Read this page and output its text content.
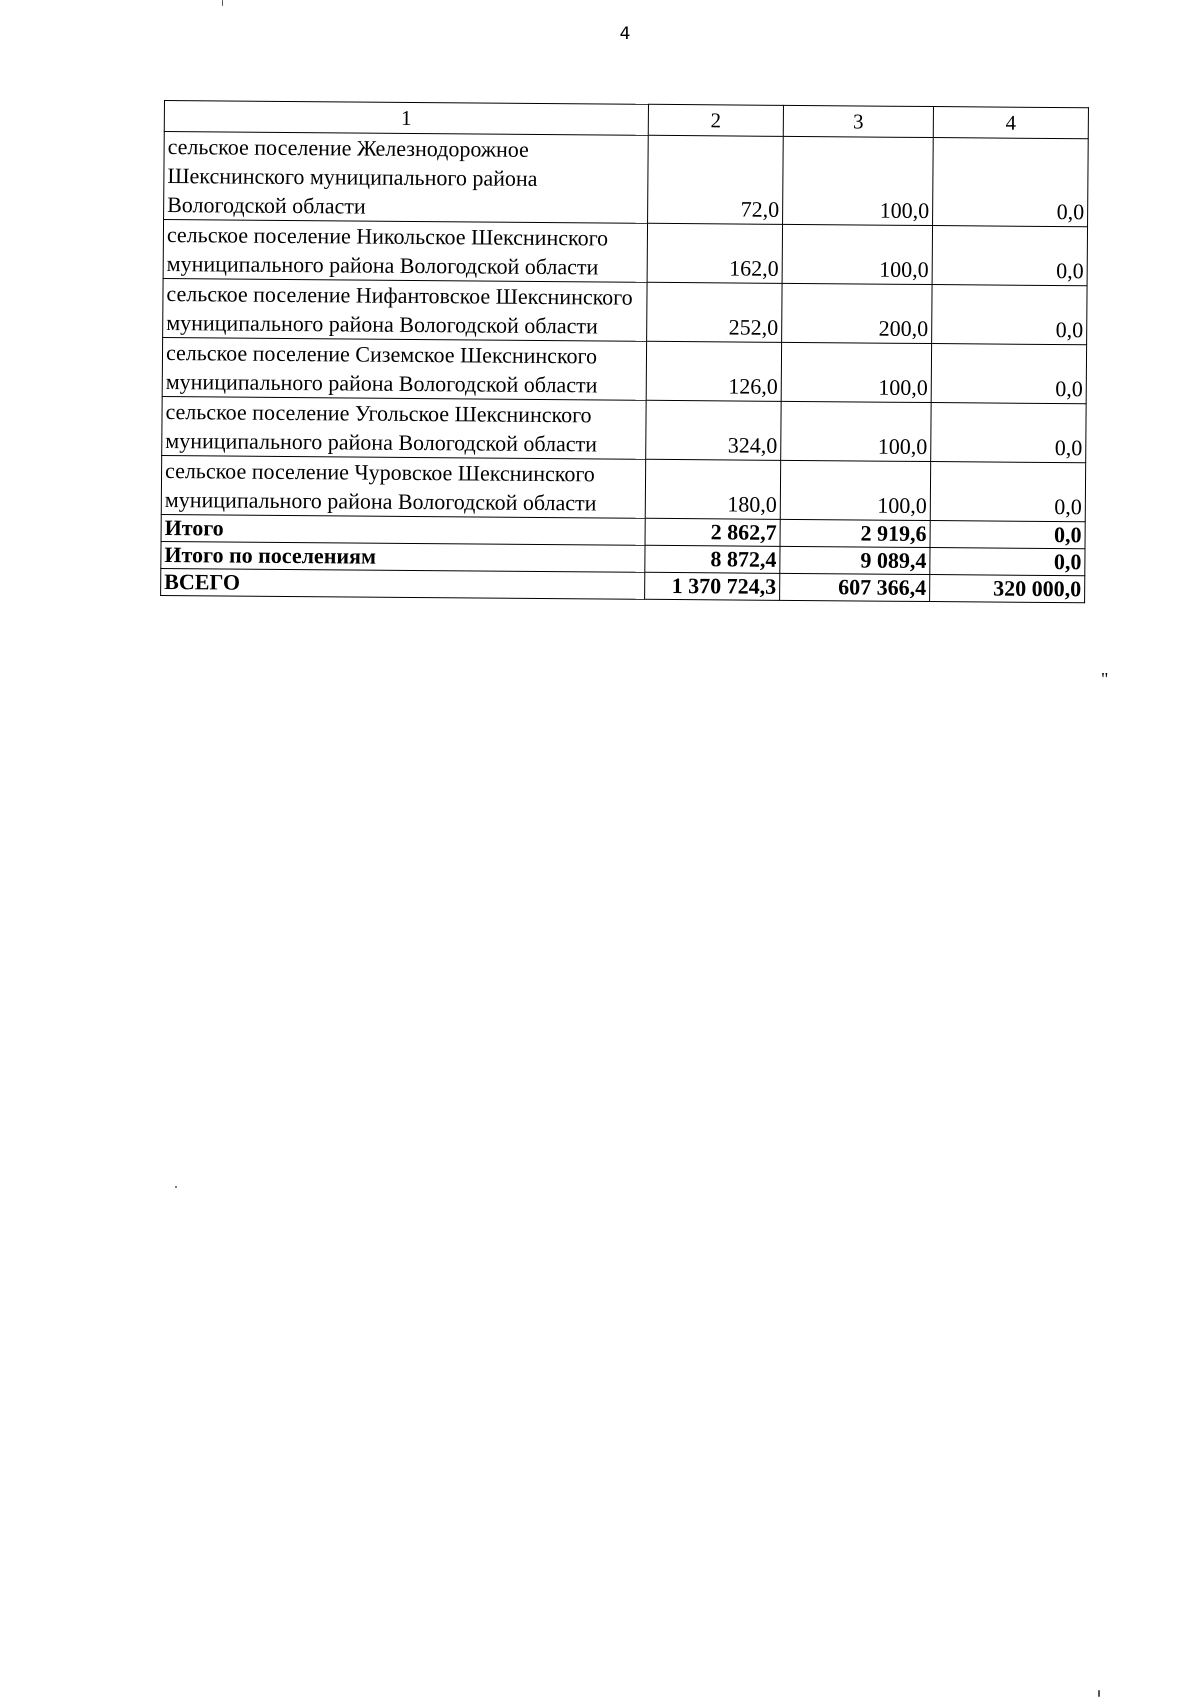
4
1	2	3	4
сельское поселение Железнодорожное Шекснинского муниципального района Вологодской области	72,0	100,0	0,0
сельское поселение Никольское Шекснинского муниципального района Вологодской области	162,0	100,0	0,0
сельское поселение Нифантовское Шекснинского муниципального района Вологодской области	252,0	200,0	0,0
сельское поселение Сиземское Шекснинского муниципального района Вологодской области	126,0	100,0	0,0
сельское поселение Угольское Шекснинского муниципального района Вологодской области	324,0	100,0	0,0
сельское поселение Чуровское Шекснинского муниципального района Вологодской области	180,0	100,0	0,0
Итого	2 862,7	2 919,6	0,0
Итого по поселениям	8 872,4	9 089,4	0,0
ВСЕГО	1 370 724,3	607 366,4	320 000,0
"
